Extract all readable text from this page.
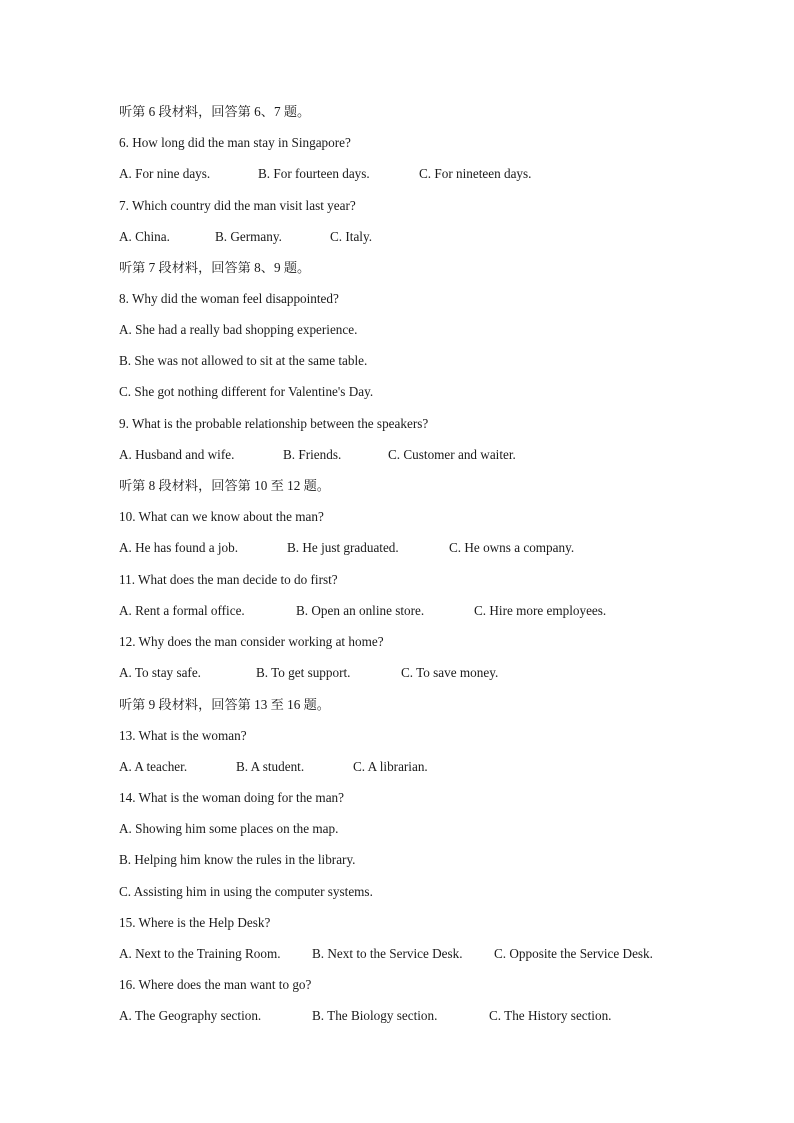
听第 6 段材料，回答第 6、7 题。
6. How long did the man stay in Singapore?
A. For nine days.	B. For fourteen days.	C. For nineteen days.
7. Which country did the man visit last year?
A. China.	B. Germany.	C. Italy.
听第 7 段材料，回答第 8、9 题。
8. Why did the woman feel disappointed?
A. She had a really bad shopping experience.
B. She was not allowed to sit at the same table.
C. She got nothing different for Valentine's Day.
9. What is the probable relationship between the speakers?
A. Husband and wife.	B. Friends.	C. Customer and waiter.
听第 8 段材料，回答第 10 至 12 题。
10. What can we know about the man?
A. He has found a job.	B. He just graduated.	C. He owns a company.
11. What does the man decide to do first?
A. Rent a formal office.	B. Open an online store.	C. Hire more employees.
12. Why does the man consider working at home?
A. To stay safe.	B. To get support.	C. To save money.
听第 9 段材料，回答第 13 至 16 题。
13. What is the woman?
A. A teacher.	B. A student.	C. A librarian.
14. What is the woman doing for the man?
A. Showing him some places on the map.
B. Helping him know the rules in the library.
C. Assisting him in using the computer systems.
15. Where is the Help Desk?
A. Next to the Training Room. B. Next to the Service Desk. C. Opposite the Service Desk.
16. Where does the man want to go?
A. The Geography section.	B. The Biology section.	C. The History section.
